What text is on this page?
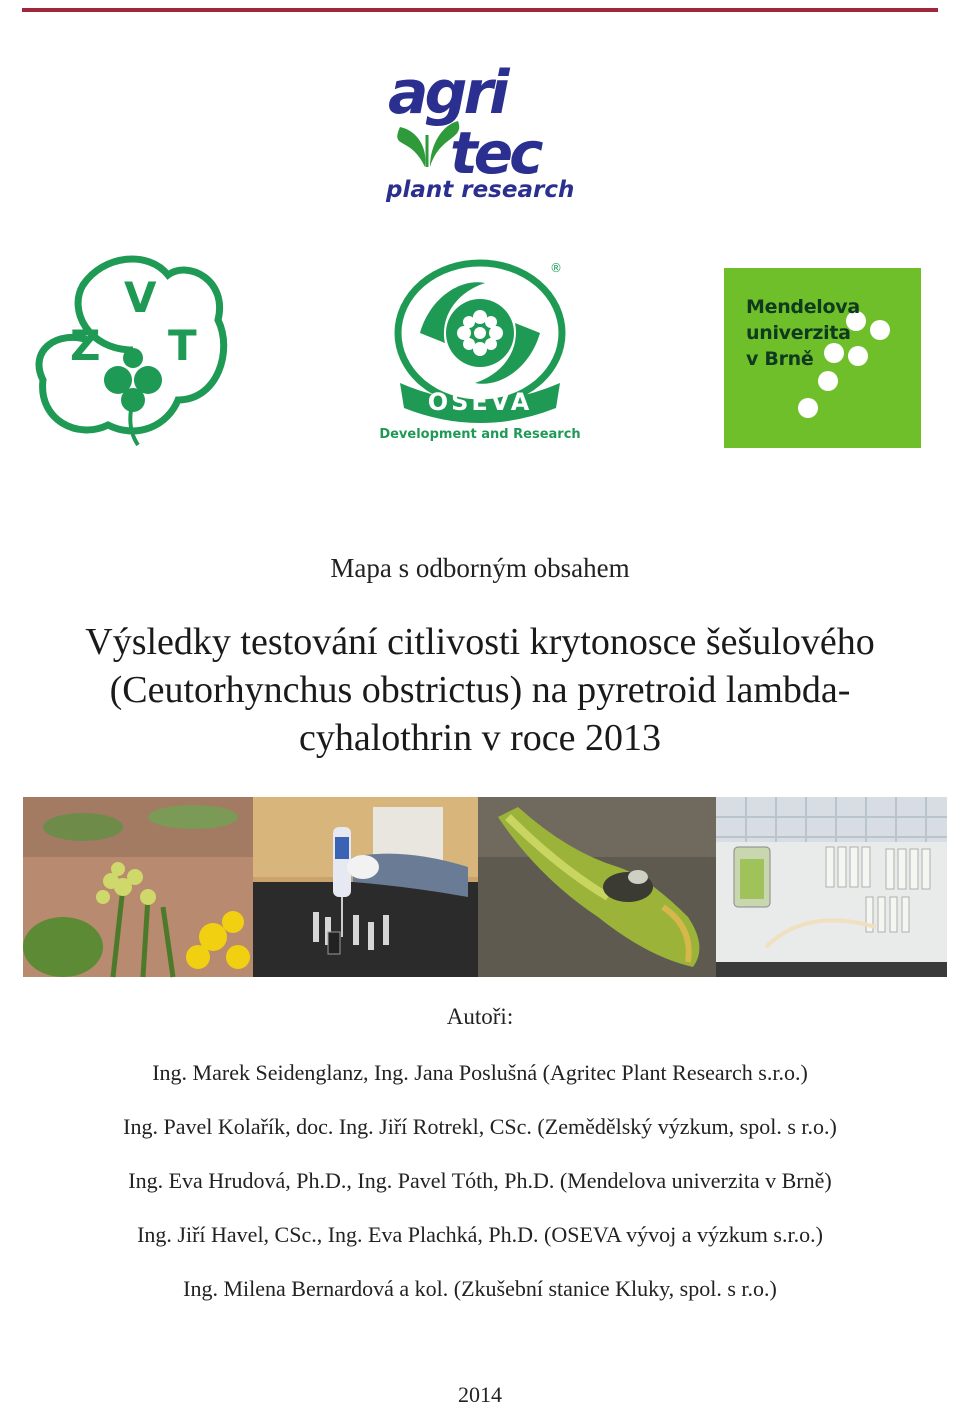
agri
tec
plant research
V
Z T
OSEVA
Development and Research
®
Mendelova
univerzita
v Brně
Mapa s odborným obsahem
Výsledky testování citlivosti krytonosce šešulového
(Ceutorhynchus obstrictus) na pyretroid lambda-
cyhalothrin v roce 2013
Autoři:
Ing. Marek Seidenglanz, Ing. Jana Poslušná (Agritec Plant Research s.r.o.)
Ing. Pavel Kolařík, doc. Ing. Jiří Rotrekl, CSc. (Zemědělský výzkum, spol. s r.o.)
Ing. Eva Hrudová, Ph.D., Ing. Pavel Tóth, Ph.D. (Mendelova univerzita v Brně)
Ing. Jiří Havel, CSc., Ing. Eva Plachká, Ph.D. (OSEVA vývoj a výzkum s.r.o.)
Ing. Milena Bernardová a kol. (Zkušební stanice Kluky, spol. s r.o.)
2014
